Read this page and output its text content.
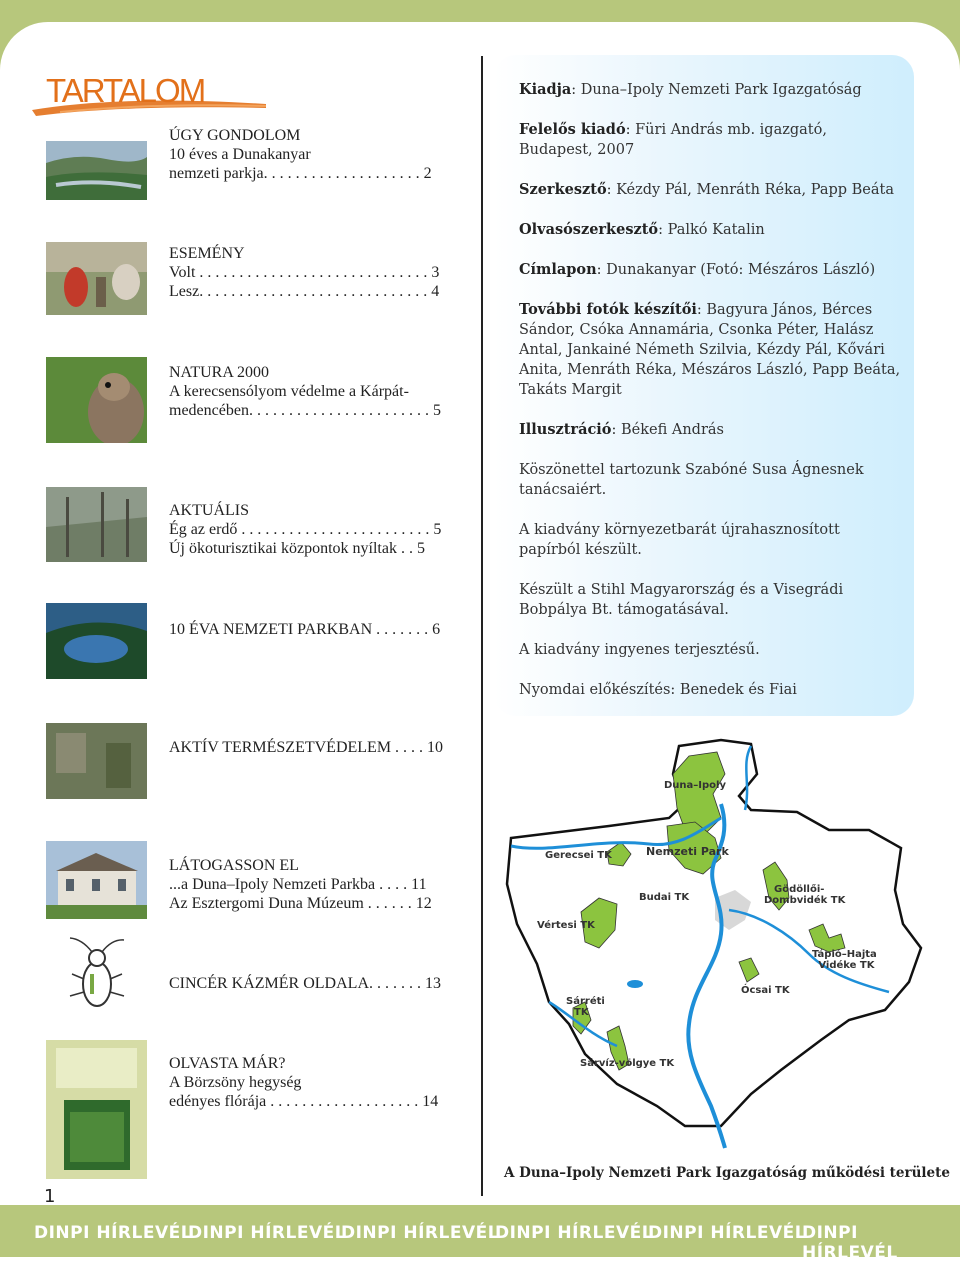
TARTALOM
ÚGY GONDOLOM
10 éves a Dunakanyar
nemzeti parkja. . . . . . . . . . . . . . . . . . . . 2
ESEMÉNY
Volt . . . . . . . . . . . . . . . . . . . . . . . . . . . . . 3
Lesz. . . . . . . . . . . . . . . . . . . . . . . . . . . . . 4
NATURA 2000
A kerecsensólyom védelme a Kárpát-
medencében. . . . . . . . . . . . . . . . . . . . . . . 5
AKTUÁLIS
Ég az erdő . . . . . . . . . . . . . . . . . . . . . . . . 5
Új ökoturisztikai központok nyíltak . . 5
10 ÉVA NEMZETI PARKBAN . . . . . . . 6
AKTÍV TERMÉSZETVÉDELEM . . . . 10
LÁTOGASSON EL
...a Duna–Ipoly Nemzeti Parkba . . . . 11
Az Esztergomi Duna Múzeum . . . . . . 12
CINCÉR KÁZMÉR OLDALA. . . . . . . 13
OLVASTA MÁR?
A Börzsöny hegység
edényes flórája . . . . . . . . . . . . . . . . . . . 14
Kiadja: Duna–Ipoly Nemzeti Park Igazgatóság
Felelős kiadó: Füri András mb. igazgató, Budapest, 2007
Szerkesztő: Kézdy Pál, Menráth Réka, Papp Beáta
Olvasószerkesztő: Palkó Katalin
Címlapon: Dunakanyar (Fotó: Mészáros László)
További fotók készítői: Bagyura János, Bérces Sándor, Csóka Annamária, Csonka Péter, Halász Antal, Jankainé Németh Szilvia, Kézdy Pál, Kővári Anita, Menráth Réka, Mészáros László, Papp Beáta, Takáts Margit
Illusztráció: Békefi András
Köszönettel tartozunk Szabóné Susa Ágnesnek tanácsaiért.
A kiadvány környezetbarát újrahasznosított papírból készült.
Készült a Stihl Magyarország és a Visegrádi Bobpálya Bt. támogatásával.
A kiadvány ingyenes terjesztésű.
Nyomdai előkészítés: Benedek és Fiai
Duna–Ipoly
Nemzeti Park
Gerecsei TK
Budai TK
Gödöllői-
Dombvidék TK
Vértesi TK
Tápió–Hajta
Vidéke TK
Ócsai TK
Sárréti
TK
Sárvíz-völgye TK
A Duna–Ipoly Nemzeti Park Igazgatóság működési területe
1
DINPI HÍRLEVÉL
DINPI HÍRLEVÉL
DINPI HÍRLEVÉL
DINPI HÍRLEVÉL
DINPI HÍRLEVÉL
DINPI HÍRLEVÉL
